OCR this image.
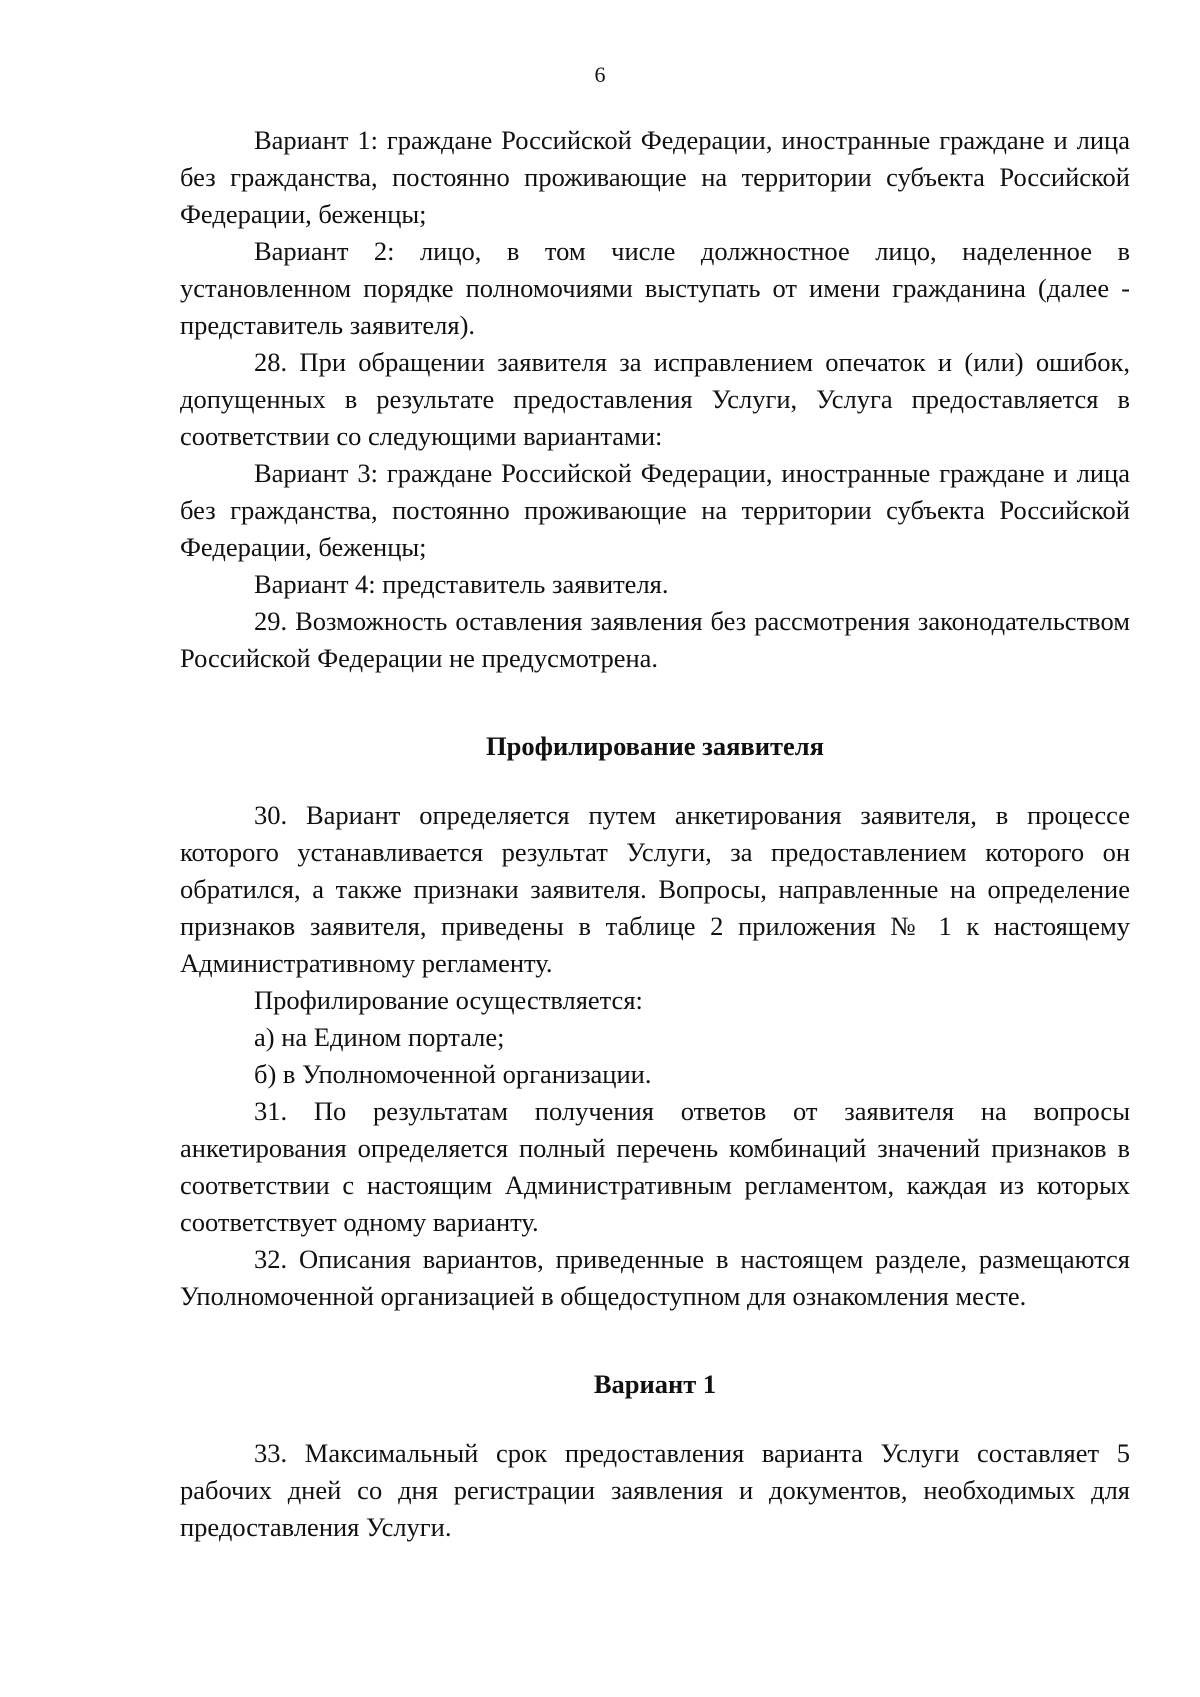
6

Вариант 1: граждане Российской Федерации, иностранные граждане и лица без гражданства, постоянно проживающие на территории субъекта Российской Федерации, беженцы;

Вариант 2: лицо, в том числе должностное лицо, наделенное в установленном порядке полномочиями выступать от имени гражданина (далее - представитель заявителя).

28. При обращении заявителя за исправлением опечаток и (или) ошибок, допущенных в результате предоставления Услуги, Услуга предоставляется в соответствии со следующими вариантами:

Вариант 3: граждане Российской Федерации, иностранные граждане и лица без гражданства, постоянно проживающие на территории субъекта Российской Федерации, беженцы;

Вариант 4: представитель заявителя.

29. Возможность оставления заявления без рассмотрения законодательством Российской Федерации не предусмотрена.

Профилирование заявителя

30. Вариант определяется путем анкетирования заявителя, в процессе которого устанавливается результат Услуги, за предоставлением которого он обратился, а также признаки заявителя. Вопросы, направленные на определение признаков заявителя, приведены в таблице 2 приложения № 1 к настоящему Административному регламенту.

Профилирование осуществляется:

а) на Едином портале;

б) в Уполномоченной организации.

31. По результатам получения ответов от заявителя на вопросы анкетирования определяется полный перечень комбинаций значений признаков в соответствии с настоящим Административным регламентом, каждая из которых соответствует одному варианту.

32. Описания вариантов, приведенные в настоящем разделе, размещаются Уполномоченной организацией в общедоступном для ознакомления месте.

Вариант 1

33. Максимальный срок предоставления варианта Услуги составляет 5 рабочих дней со дня регистрации заявления и документов, необходимых для предоставления Услуги.
